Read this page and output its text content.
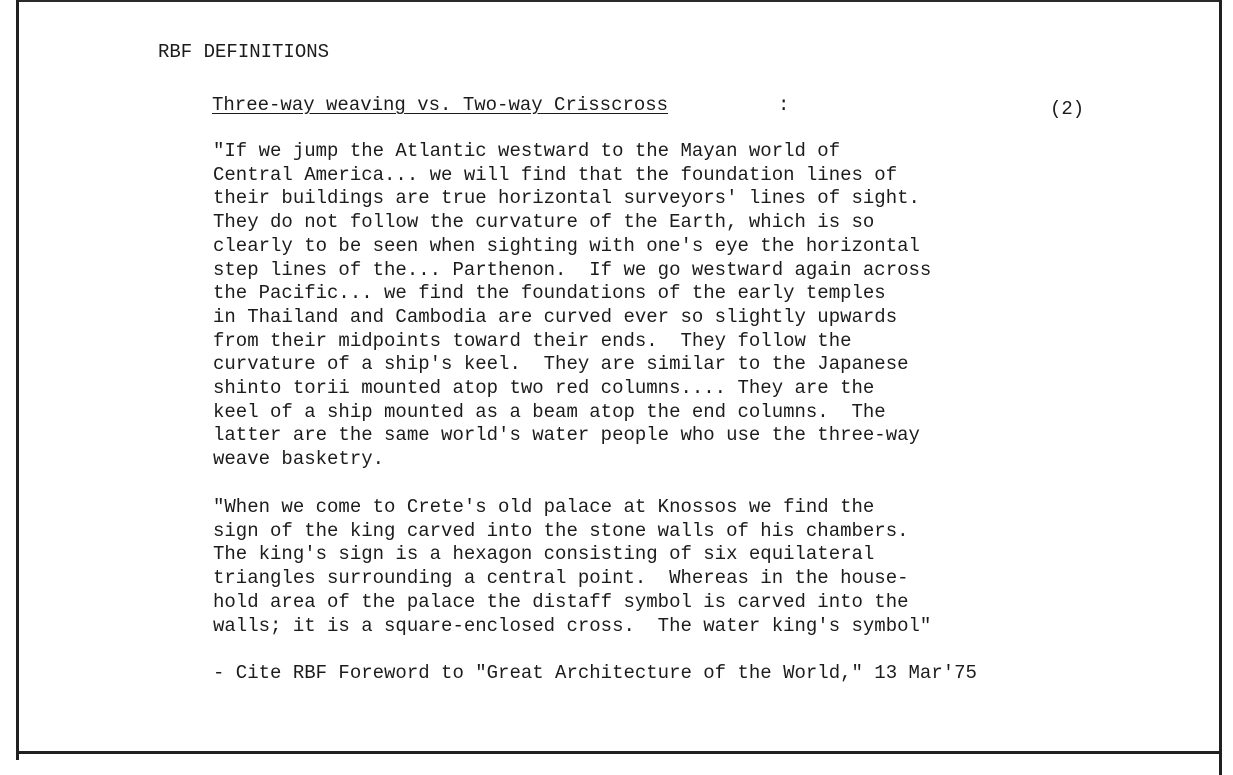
RBF DEFINITIONS
Three-way weaving vs. Two-way Crisscross	:	(2)
"If we jump the Atlantic westward to the Mayan world of
Central America... we will find that the foundation lines of
their buildings are true horizontal surveyors' lines of sight.
They do not follow the curvature of the Earth, which is so
clearly to be seen when sighting with one's eye the horizontal
step lines of the... Parthenon.  If we go westward again across
the Pacific... we find the foundations of the early temples
in Thailand and Cambodia are curved ever so slightly upwards
from their midpoints toward their ends.  They follow the
curvature of a ship's keel.  They are similar to the Japanese
shinto torii mounted atop two red columns.... They are the
keel of a ship mounted as a beam atop the end columns.  The
latter are the same world's water people who use the three-way
weave basketry.
"When we come to Crete's old palace at Knossos we find the
sign of the king carved into the stone walls of his chambers.
The king's sign is a hexagon consisting of six equilateral
triangles surrounding a central point.  Whereas in the house-
hold area of the palace the distaff symbol is carved into the
walls; it is a square-enclosed cross.  The water king's symbol"
- Cite RBF Foreword to "Great Architecture of the World," 13 Mar'75
